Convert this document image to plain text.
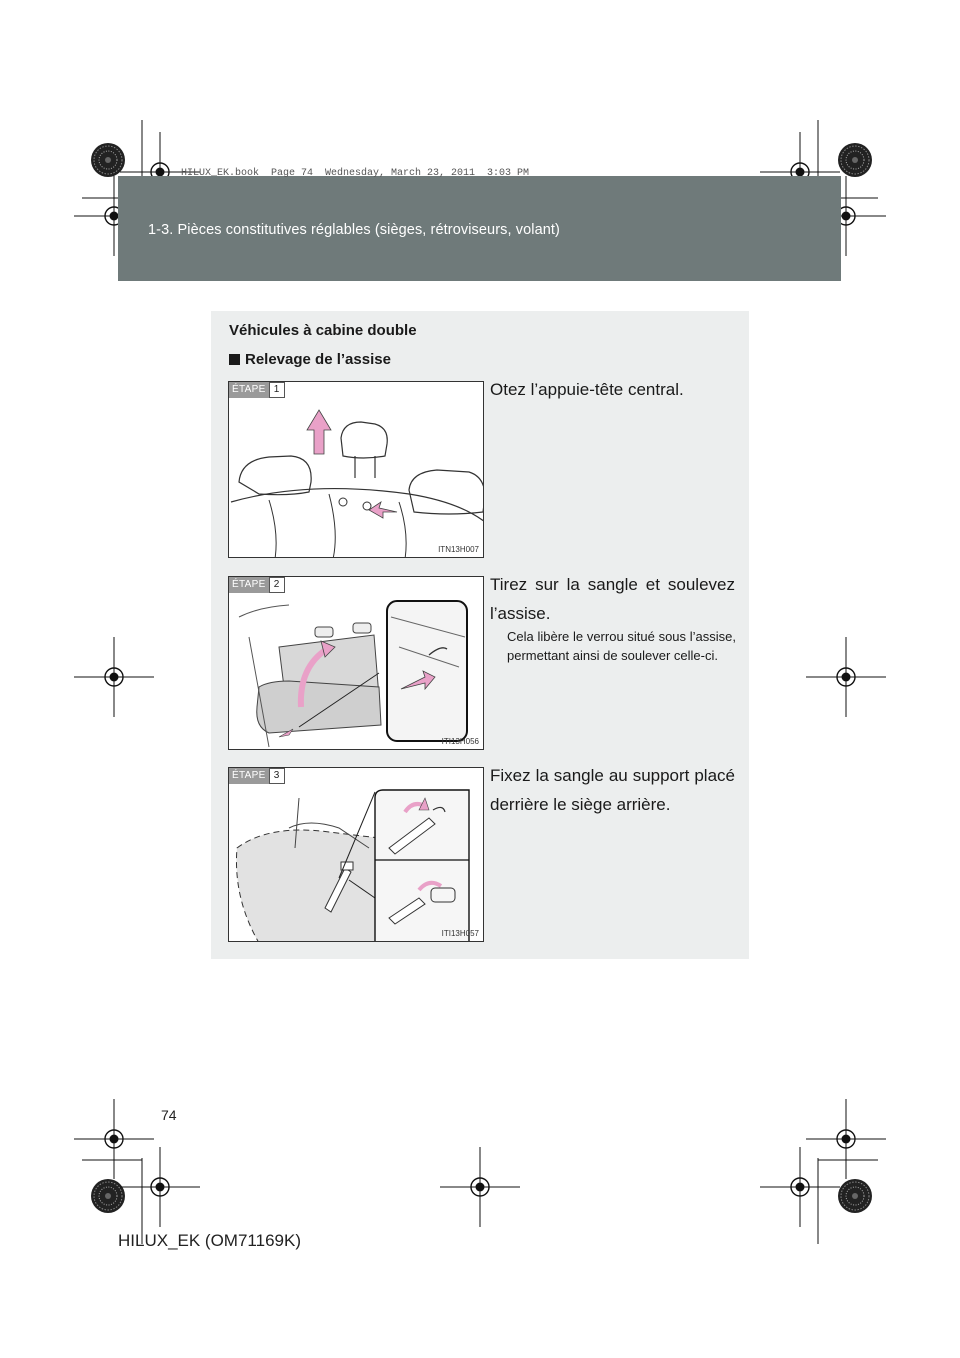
1-3. Pièces constitutives réglables (sièges, rétroviseurs, volant)
HILUX_EK.book  Page 74  Wednesday, March 23, 2011  3:03 PM
Véhicules à cabine double
Relevage de l’assise
ÉTAPE 1
ITN13H007
Otez l’appuie-tête central.
ÉTAPE 2
ITI13H056
Tirez sur la sangle et soulevez l’assise.
Cela libère le verrou situé sous l’assise, permettant ainsi de soulever celle-ci.
ÉTAPE 3
ITI13H057
Fixez la sangle au support placé derrière le siège arrière.
74
HILUX_EK (OM71169K)
